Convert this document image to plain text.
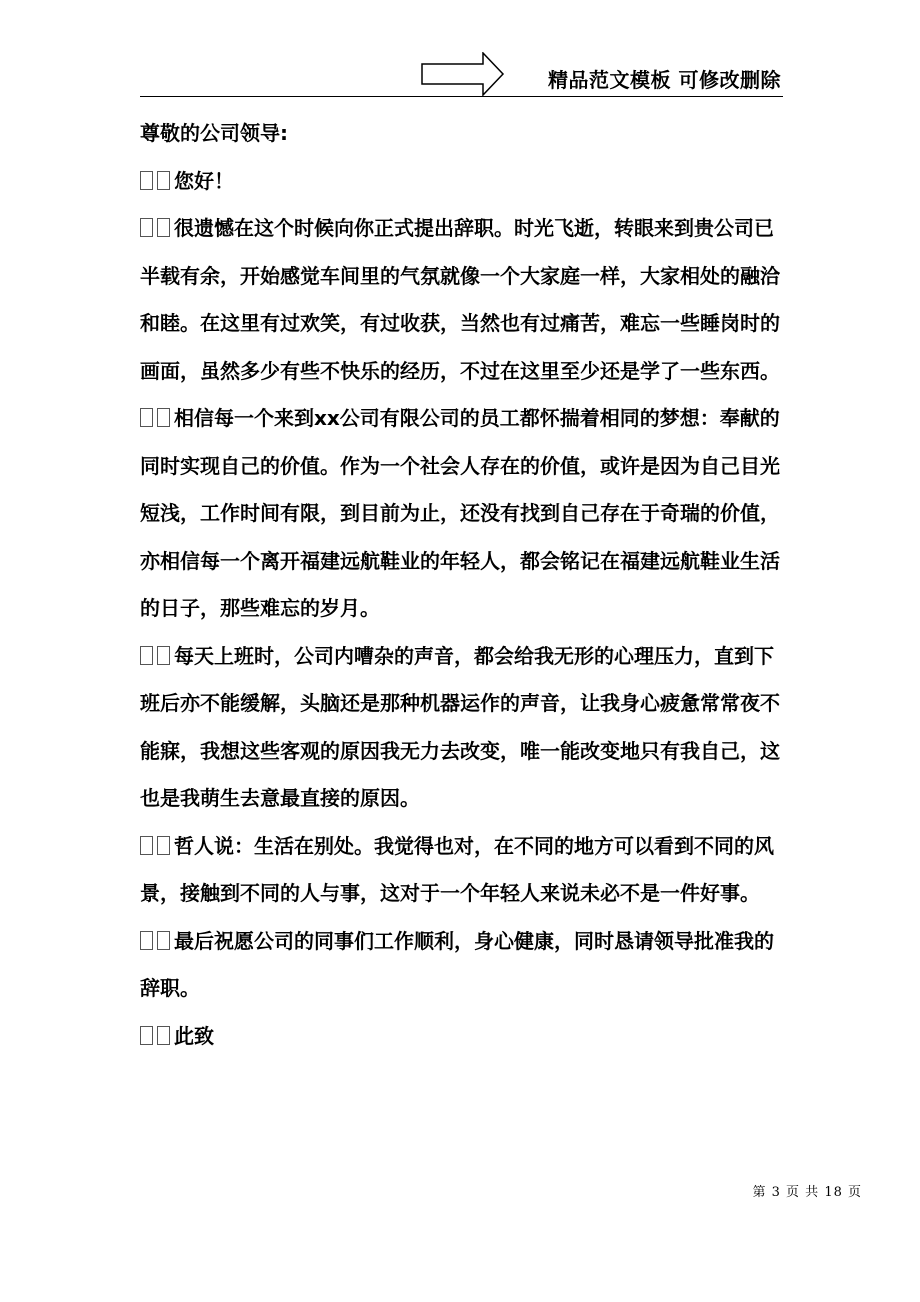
精品范文模板 可修改删除

尊敬的公司领导:

您好！

很遗憾在这个时候向你正式提出辞职。时光飞逝，转眼来到贵公司已半载有余，开始感觉车间里的气氛就像一个大家庭一样，大家相处的融洽和睦。在这里有过欢笑，有过收获，当然也有过痛苦，难忘一些睡岗时的画面，虽然多少有些不快乐的经历，不过在这里至少还是学了一些东西。

相信每一个来到xx公司有限公司的员工都怀揣着相同的梦想：奉献的同时实现自己的价值。作为一个社会人存在的价值，或许是因为自己目光短浅，工作时间有限，到目前为止，还没有找到自己存在于奇瑞的价值，亦相信每一个离开福建远航鞋业的年轻人，都会铭记在福建远航鞋业生活的日子，那些难忘的岁月。

每天上班时，公司内嘈杂的声音，都会给我无形的心理压力，直到下班后亦不能缓解，头脑还是那种机器运作的声音，让我身心疲惫常常夜不能寐，我想这些客观的原因我无力去改变，唯一能改变地只有我自己，这也是我萌生去意最直接的原因。

哲人说：生活在别处。我觉得也对，在不同的地方可以看到不同的风景，接触到不同的人与事，这对于一个年轻人来说未必不是一件好事。

最后祝愿公司的同事们工作顺利，身心健康，同时恳请领导批准我的辞职。

此致

第 3 页 共 18 页
